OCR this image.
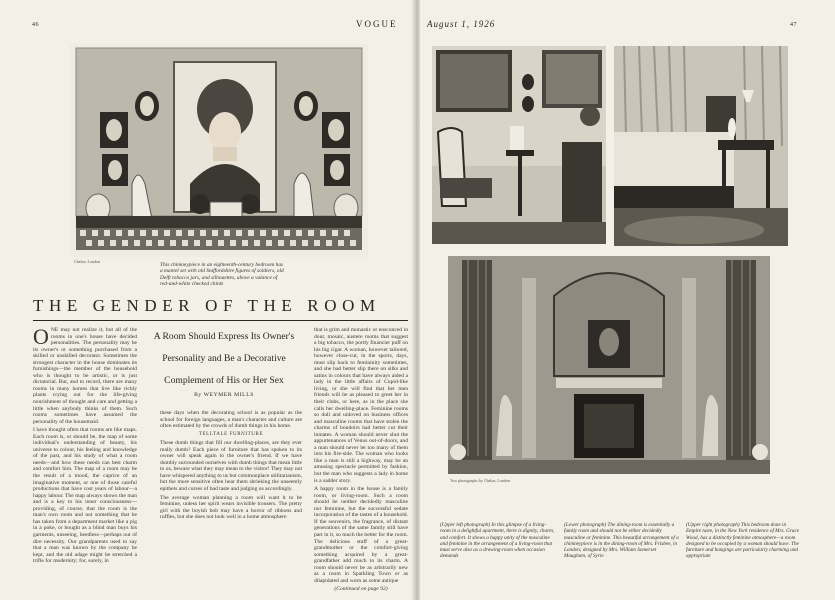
46
Chalon, London

This chimneypiece in an eighteenth-century bedroom has a mantel set with old Staffordshire figures of soldiers, old Delft tobacco jars, and silhouettes, above a valance of red-and-white checked chintz

THE GENDER OF THE ROOM

ONE may not realize it, but all of the rooms in one's house have decided personalities. The personality may be its owner's or something purchased from a skilled or unskilled decorator. Sometimes the strongest character in the house dominates its furnishings—the member of the household who is thought to be artistic, or is just dictatorial. But, and to record, there are many rooms in many homes that live like richly plants crying out for the life-giving nourishment of thought and care and getting a little when anybody thinks of them. Such rooms sometimes have assumed the personality of the housemaid.

I have thought often that rooms are like maps. Each room is, or should be, the map of some individual's understanding of beauty, his universe to colour, his feeling and knowledge of the past, and his study of what a room needs—and how these needs can best charm and comfort him. The map of a room may be the result of a mood, the caprice of an imaginative moment, or one of those careful productions that have cost years of labour—a happy labour. The map always shows the man and is a key to his inner consciousness—providing, of course, that the room is the man's own room and not something that he has taken from a department market like a pig in a poke, or bought as a blind man buys his garments, unseeing, heedless—perhaps out of dire necessity. Our grandparents used to say that a man was known by the company he kept, and the old adage might be stretched a trifle for modernity; for, surely, in

A Room Should Express Its Owner's
Personality and Be a Decorative
Complement of His or Her Sex
By WEYMER MILLS

these days when the decorating school is as popular as the school for foreign languages, a man's character and culture are often estimated by the crowds of dumb things in his home.

TELLTALE FURNITURE

These dumb things that fill our dwelling-places, are they ever really dumb? Each piece of furniture that has spoken to its owner will speak again to the owner's friend. If we have dumbly surrounded ourselves with dumb things that mean little to us, beware what they may mean to the visitor! They may not have whispered anything to us but commonplace utilitarianism, but the more sensitive often hear them shrieking the unseemly epithets and curses of bad taste and judging us accordingly.

The average woman planning a room will want it to be feminine, unless her spirit wears invisible trousers. The pretty girl with the boyish bob may have a horror of ribbons and ruffles, but she does not look well in a home atmosphere

that is grim and monastic or ensconced in dour, mosaic, austere rooms that suggest a big tobacco, the portly financier puff on his big cigar. A woman, however tailored, however close-cut, in the sports, days, must slip back to femininity sometimes, and she had better slip there on silks and satins in colours that have always aided a lady in the little affairs of Cupid-like living, or she will find that her men friends will be as pleased to greet her in their clubs, or here, as in the place she calls her dwelling-place. Feminine rooms so dull and unloved on business offices and masculine rooms that have stolen the charms of boudoirs had better cut their inmates. A woman should never shut the appurtenances of Venus out-of-doors, and a man should never let too many of them into his fire-side. The woman who looks like a man is still a highway, may be an amusing spectacle permitted by fashion, but the man who suggests a lady in home is a sadder story.

A happy room in the house is a family room, or living-room. Such a room should be neither decidedly masculine nor feminine, but the successful sedate incorporation of the tastes of a household. If the souvenirs, the fragrance, of distant generations of the same family still have part in it, so much the better for the room. The delicious stuff of a great-grandmother or the comfort-giving something acquired by a great-grandfather add much to its charm. A room should never be as arbitrarily new as a room in Sparkling Town or as dilapidated and worn as some antique

(Continued on page 92)

August 1, 1926	47
Two photographs by Chalon, London
(Upper left photograph) In this glimpse of a living-room in a delightful apartment, there is dignity, charm, and comfort. It shows a happy unity of the masculine and feminine in the arrangement of a living-room that must serve also as a drawing-room when occasion demands
(Lower photograph) The dining-room is essentially a family room and should not be either decidedly masculine or feminine. This beautiful arrangement of a chimneypiece is in the dining-room of Mrs. Frisbee, in London; designed by Mrs. William Somerset Maugham, of Syrie
(Upper right photograph) This bedroom done in Empire taste, in the New York residence of Mrs. Grace Wood, has a distinctly feminine atmosphere—a room designed to be occupied by a woman should have. The furniture and hangings are particularly charming and appropriate
VOGUE
